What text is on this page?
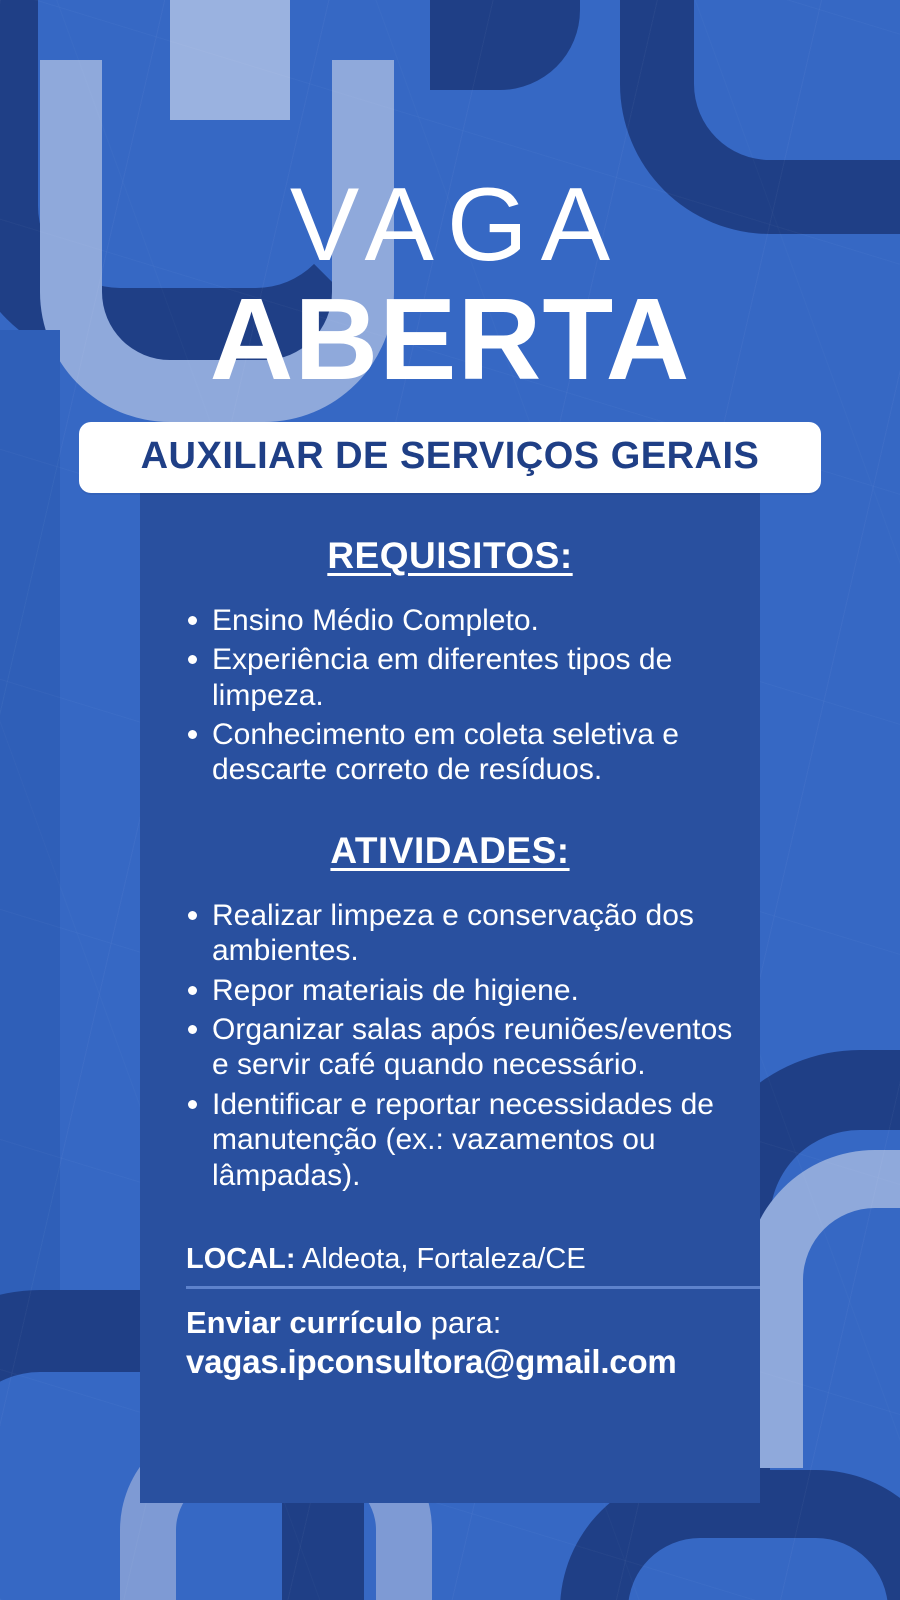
VAGA
ABERTA
AUXILIAR DE SERVIÇOS GERAIS
REQUISITOS:
Ensino Médio Completo.
Experiência em diferentes tipos de limpeza.
Conhecimento em coleta seletiva e descarte correto de resíduos.
ATIVIDADES:
Realizar limpeza e conservação dos ambientes.
Repor materiais de higiene.
Organizar salas após reuniões/eventos e servir café quando necessário.
Identificar e reportar necessidades de manutenção (ex.: vazamentos ou lâmpadas).
LOCAL: Aldeota, Fortaleza/CE
Enviar currículo para:
vagas.ipconsultora@gmail.com
